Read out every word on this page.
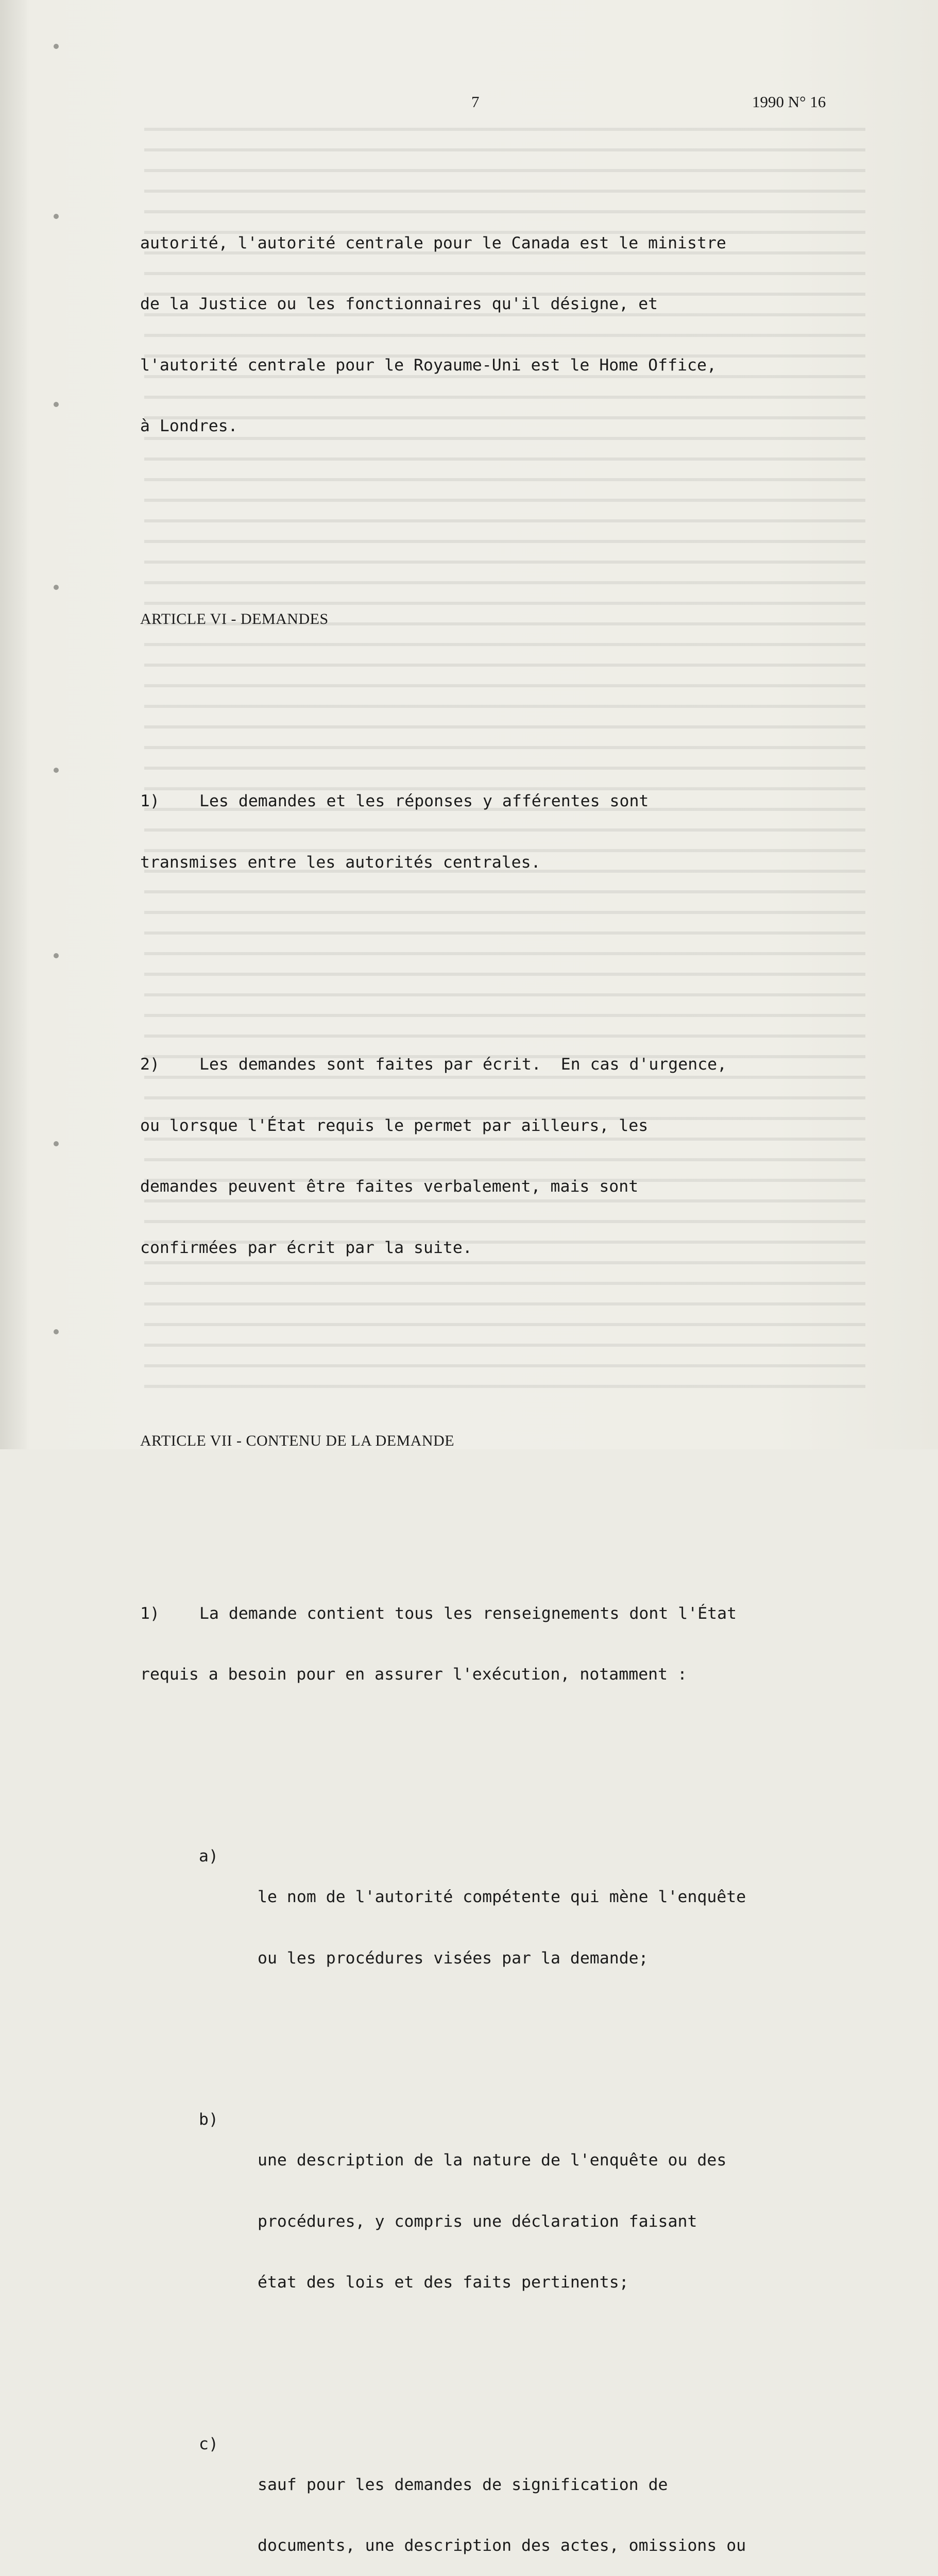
7	1990 N° 16

autorité, l'autorité centrale pour le Canada est le ministre

de la Justice ou les fonctionnaires qu'il désigne, et

l'autorité centrale pour le Royaume-Uni est le Home Office,

à Londres.

ARTICLE VI - DEMANDES

1) Les demandes et les réponses y afférentes sont

transmises entre les autorités centrales.

2) Les demandes sont faites par écrit.  En cas d'urgence,

ou lorsque l'État requis le permet par ailleurs, les

demandes peuvent être faites verbalement, mais sont

confirmées par écrit par la suite.

ARTICLE VII - CONTENU DE LA DEMANDE

1) La demande contient tous les renseignements dont l'État

requis a besoin pour en assurer l'exécution, notamment :

a)

le nom de l'autorité compétente qui mène l'enquête

ou les procédures visées par la demande;

b)

une description de la nature de l'enquête ou des

procédures, y compris une déclaration faisant

état des lois et des faits pertinents;

c)

sauf pour les demandes de signification de

documents, une description des actes, omissions ou
